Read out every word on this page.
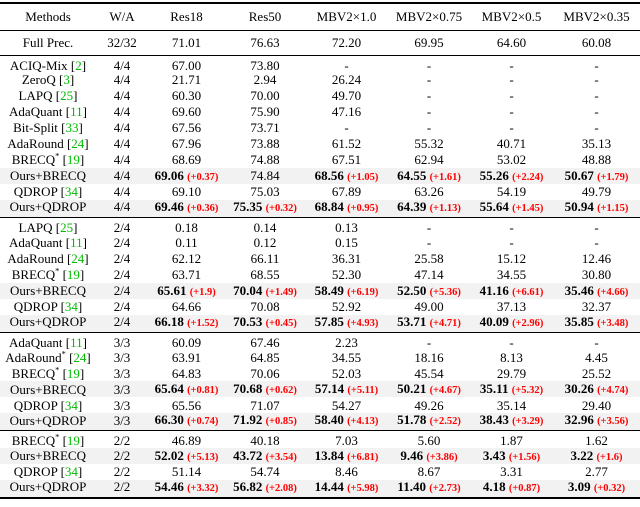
Methods	W/A	Res18	Res50	MBV2×1.0	MBV2×0.75	MBV2×0.5	MBV2×0.35
Full Prec.	32/32	71.01	76.63	72.20	69.95	64.60	60.08
ACIQ-Mix [2]	4/4	67.00	73.80	-	-	-	-
ZeroQ [3]	4/4	21.71	2.94	26.24	-	-	-
LAPQ [25]	4/4	60.30	70.00	49.70	-	-	-
AdaQuant [11]	4/4	69.60	75.90	47.16	-	-	-
Bit-Split [33]	4/4	67.56	73.71	-	-	-	-
AdaRound [24]	4/4	67.96	73.88	61.52	55.32	40.71	35.13
BRECQ* [19]	4/4	68.69	74.88	67.51	62.94	53.02	48.88
Ours+BRECQ	4/4	69.06 (+0.37)	74.84	68.56 (+1.05)	64.55 (+1.61)	55.26 (+2.24)	50.67 (+1.79)
QDROP [34]	4/4	69.10	75.03	67.89	63.26	54.19	49.79
Ours+QDROP	4/4	69.46 (+0.36)	75.35 (+0.32)	68.84 (+0.95)	64.39 (+1.13)	55.64 (+1.45)	50.94 (+1.15)
LAPQ [25]	2/4	0.18	0.14	0.13	-	-	-
AdaQuant [11]	2/4	0.11	0.12	0.15	-	-	-
AdaRound [24]	2/4	62.12	66.11	36.31	25.58	15.12	12.46
BRECQ* [19]	2/4	63.71	68.55	52.30	47.14	34.55	30.80
Ours+BRECQ	2/4	65.61 (+1.9)	70.04 (+1.49)	58.49 (+6.19)	52.50 (+5.36)	41.16 (+6.61)	35.46 (+4.66)
QDROP [34]	2/4	64.66	70.08	52.92	49.00	37.13	32.37
Ours+QDROP	2/4	66.18 (+1.52)	70.53 (+0.45)	57.85 (+4.93)	53.71 (+4.71)	40.09 (+2.96)	35.85 (+3.48)
AdaQuant [11]	3/3	60.09	67.46	2.23	-	-	-
AdaRound* [24]	3/3	63.91	64.85	34.55	18.16	8.13	4.45
BRECQ* [19]	3/3	64.83	70.06	52.03	45.54	29.79	25.52
Ours+BRECQ	3/3	65.64 (+0.81)	70.68 (+0.62)	57.14 (+5.11)	50.21 (+4.67)	35.11 (+5.32)	30.26 (+4.74)
QDROP [34]	3/3	65.56	71.07	54.27	49.26	35.14	29.40
Ours+QDROP	3/3	66.30 (+0.74)	71.92 (+0.85)	58.40 (+4.13)	51.78 (+2.52)	38.43 (+3.29)	32.96 (+3.56)
BRECQ* [19]	2/2	46.89	40.18	7.03	5.60	1.87	1.62
Ours+BRECQ	2/2	52.02 (+5.13)	43.72 (+3.54)	13.84 (+6.81)	9.46 (+3.86)	3.43 (+1.56)	3.22 (+1.6)
QDROP [34]	2/2	51.14	54.74	8.46	8.67	3.31	2.77
Ours+QDROP	2/2	54.46 (+3.32)	56.82 (+2.08)	14.44 (+5.98)	11.40 (+2.73)	4.18 (+0.87)	3.09 (+0.32)
